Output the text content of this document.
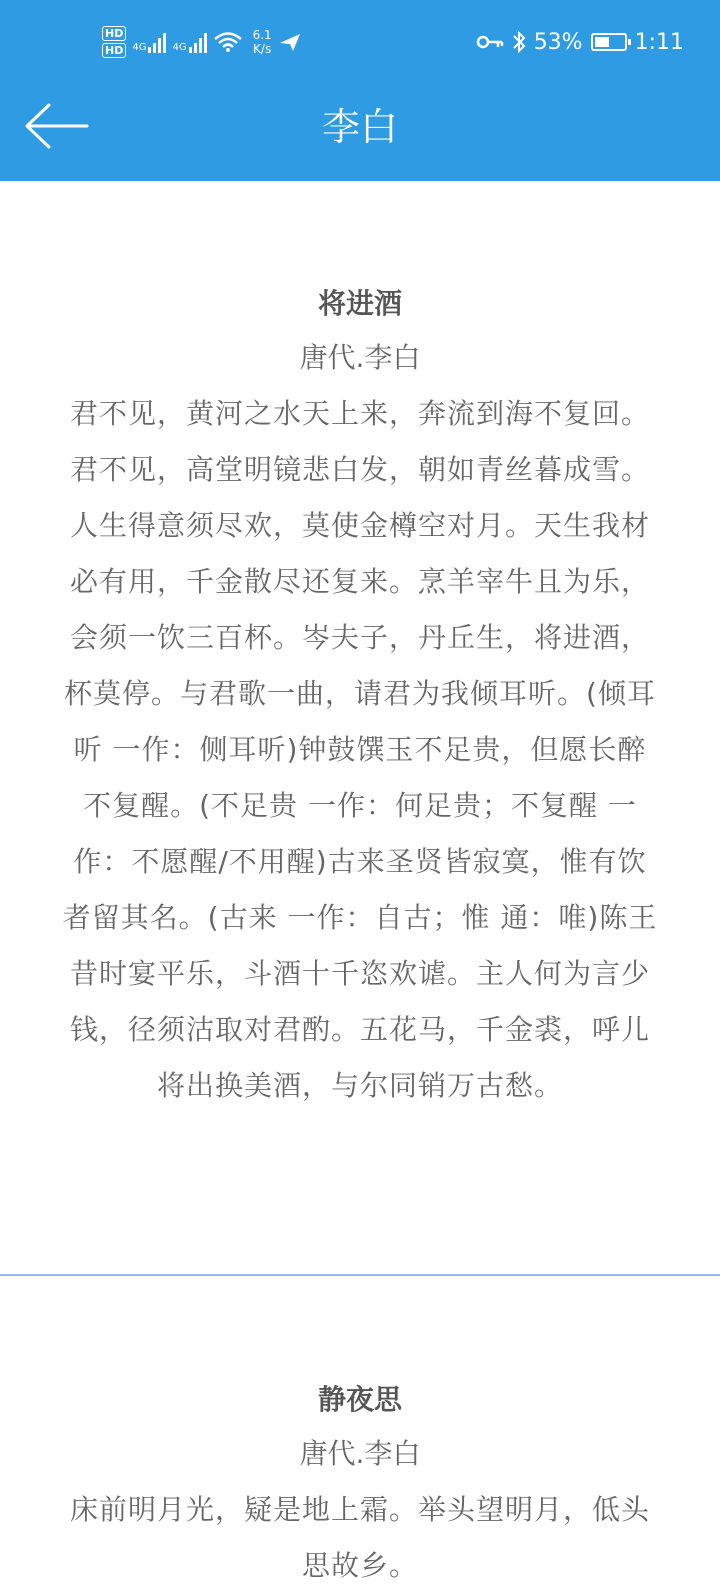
HD
HD 4G	4G
6.1
K/s	53% 1:11
李白
将进酒
唐代.李白
君不见，黄河之水天上来，奔流到海不复回。君不见，高堂明镜悲白发，朝如青丝暮成雪。人生得意须尽欢，莫使金樽空对月。天生我材必有用，千金散尽还复来。烹羊宰牛且为乐，会须一饮三百杯。岑夫子，丹丘生，将进酒，杯莫停。与君歌一曲，请君为我倾耳听。(倾耳听 一作：侧耳听)钟鼓馔玉不足贵，但愿长醉不复醒。(不足贵 一作：何足贵；不复醒 一作：不愿醒/不用醒)古来圣贤皆寂寞，惟有饮者留其名。(古来 一作：自古；惟 通：唯)陈王昔时宴平乐，斗酒十千恣欢谑。主人何为言少钱，径须沽取对君酌。五花马，千金裘，呼儿将出换美酒，与尔同销万古愁。
静夜思
唐代.李白
床前明月光，疑是地上霜。举头望明月，低头思故乡。
